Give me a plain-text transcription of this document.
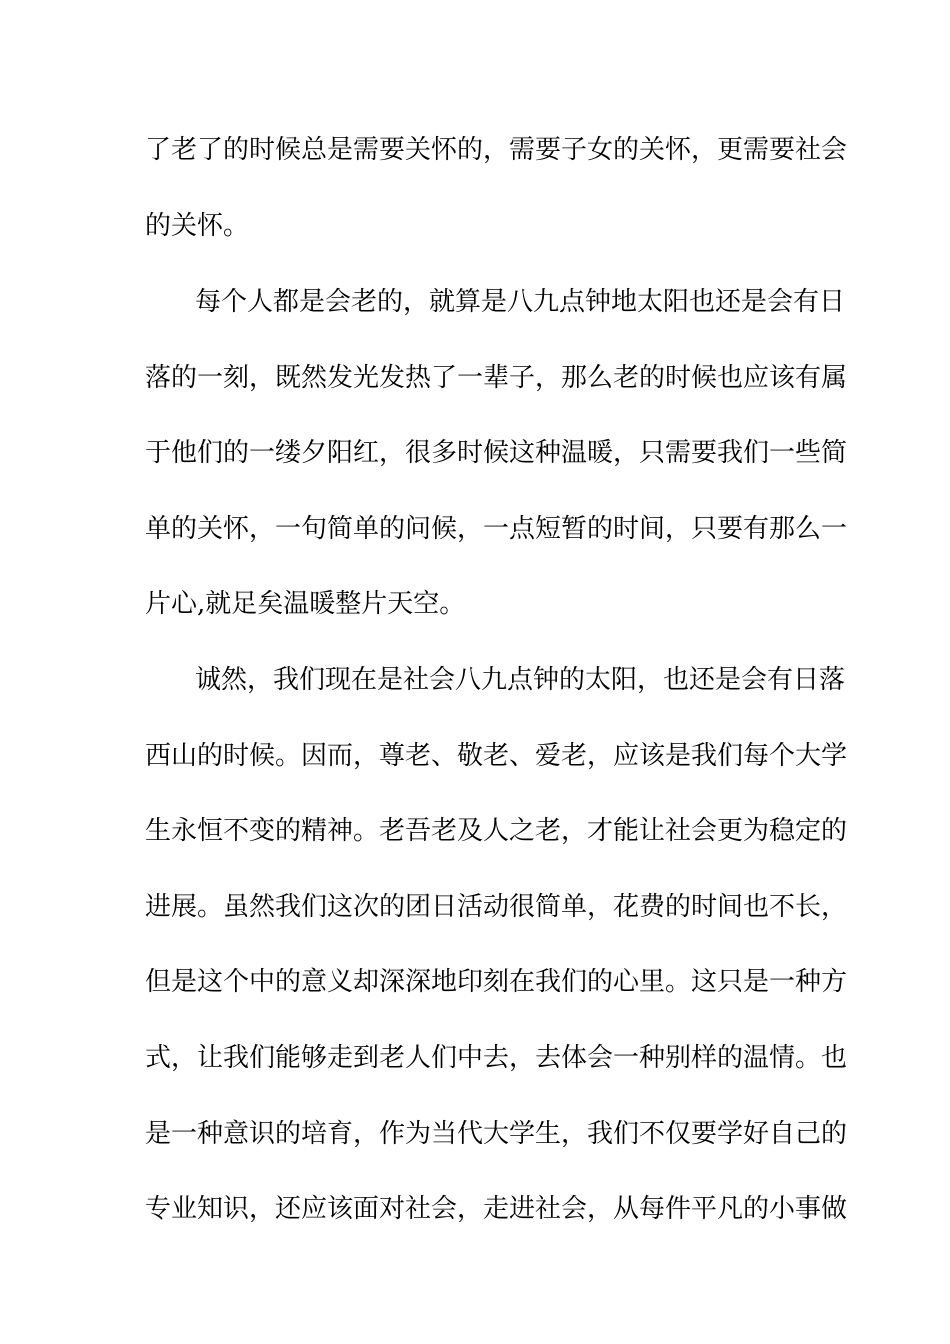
了老了的时候总是需要关怀的，需要子女的关怀，更需要社会
的关怀。
每个人都是会老的，就算是八九点钟地太阳也还是会有日
落的一刻，既然发光发热了一辈子，那么老的时候也应该有属
于他们的一缕夕阳红，很多时候这种温暖，只需要我们一些简
单的关怀，一句简单的问候，一点短暂的时间，只要有那么一
片心,就足矣温暖整片天空。
诚然，我们现在是社会八九点钟的太阳，也还是会有日落
西山的时候。因而，尊老、敬老、爱老，应该是我们每个大学
生永恒不变的精神。老吾老及人之老，才能让社会更为稳定的
进展。虽然我们这次的团日活动很简单，花费的时间也不长，
但是这个中的意义却深深地印刻在我们的心里。这只是一种方
式，让我们能够走到老人们中去，去体会一种别样的温情。也
是一种意识的培育，作为当代大学生，我们不仅要学好自己的
专业知识，还应该面对社会，走进社会，从每件平凡的小事做
